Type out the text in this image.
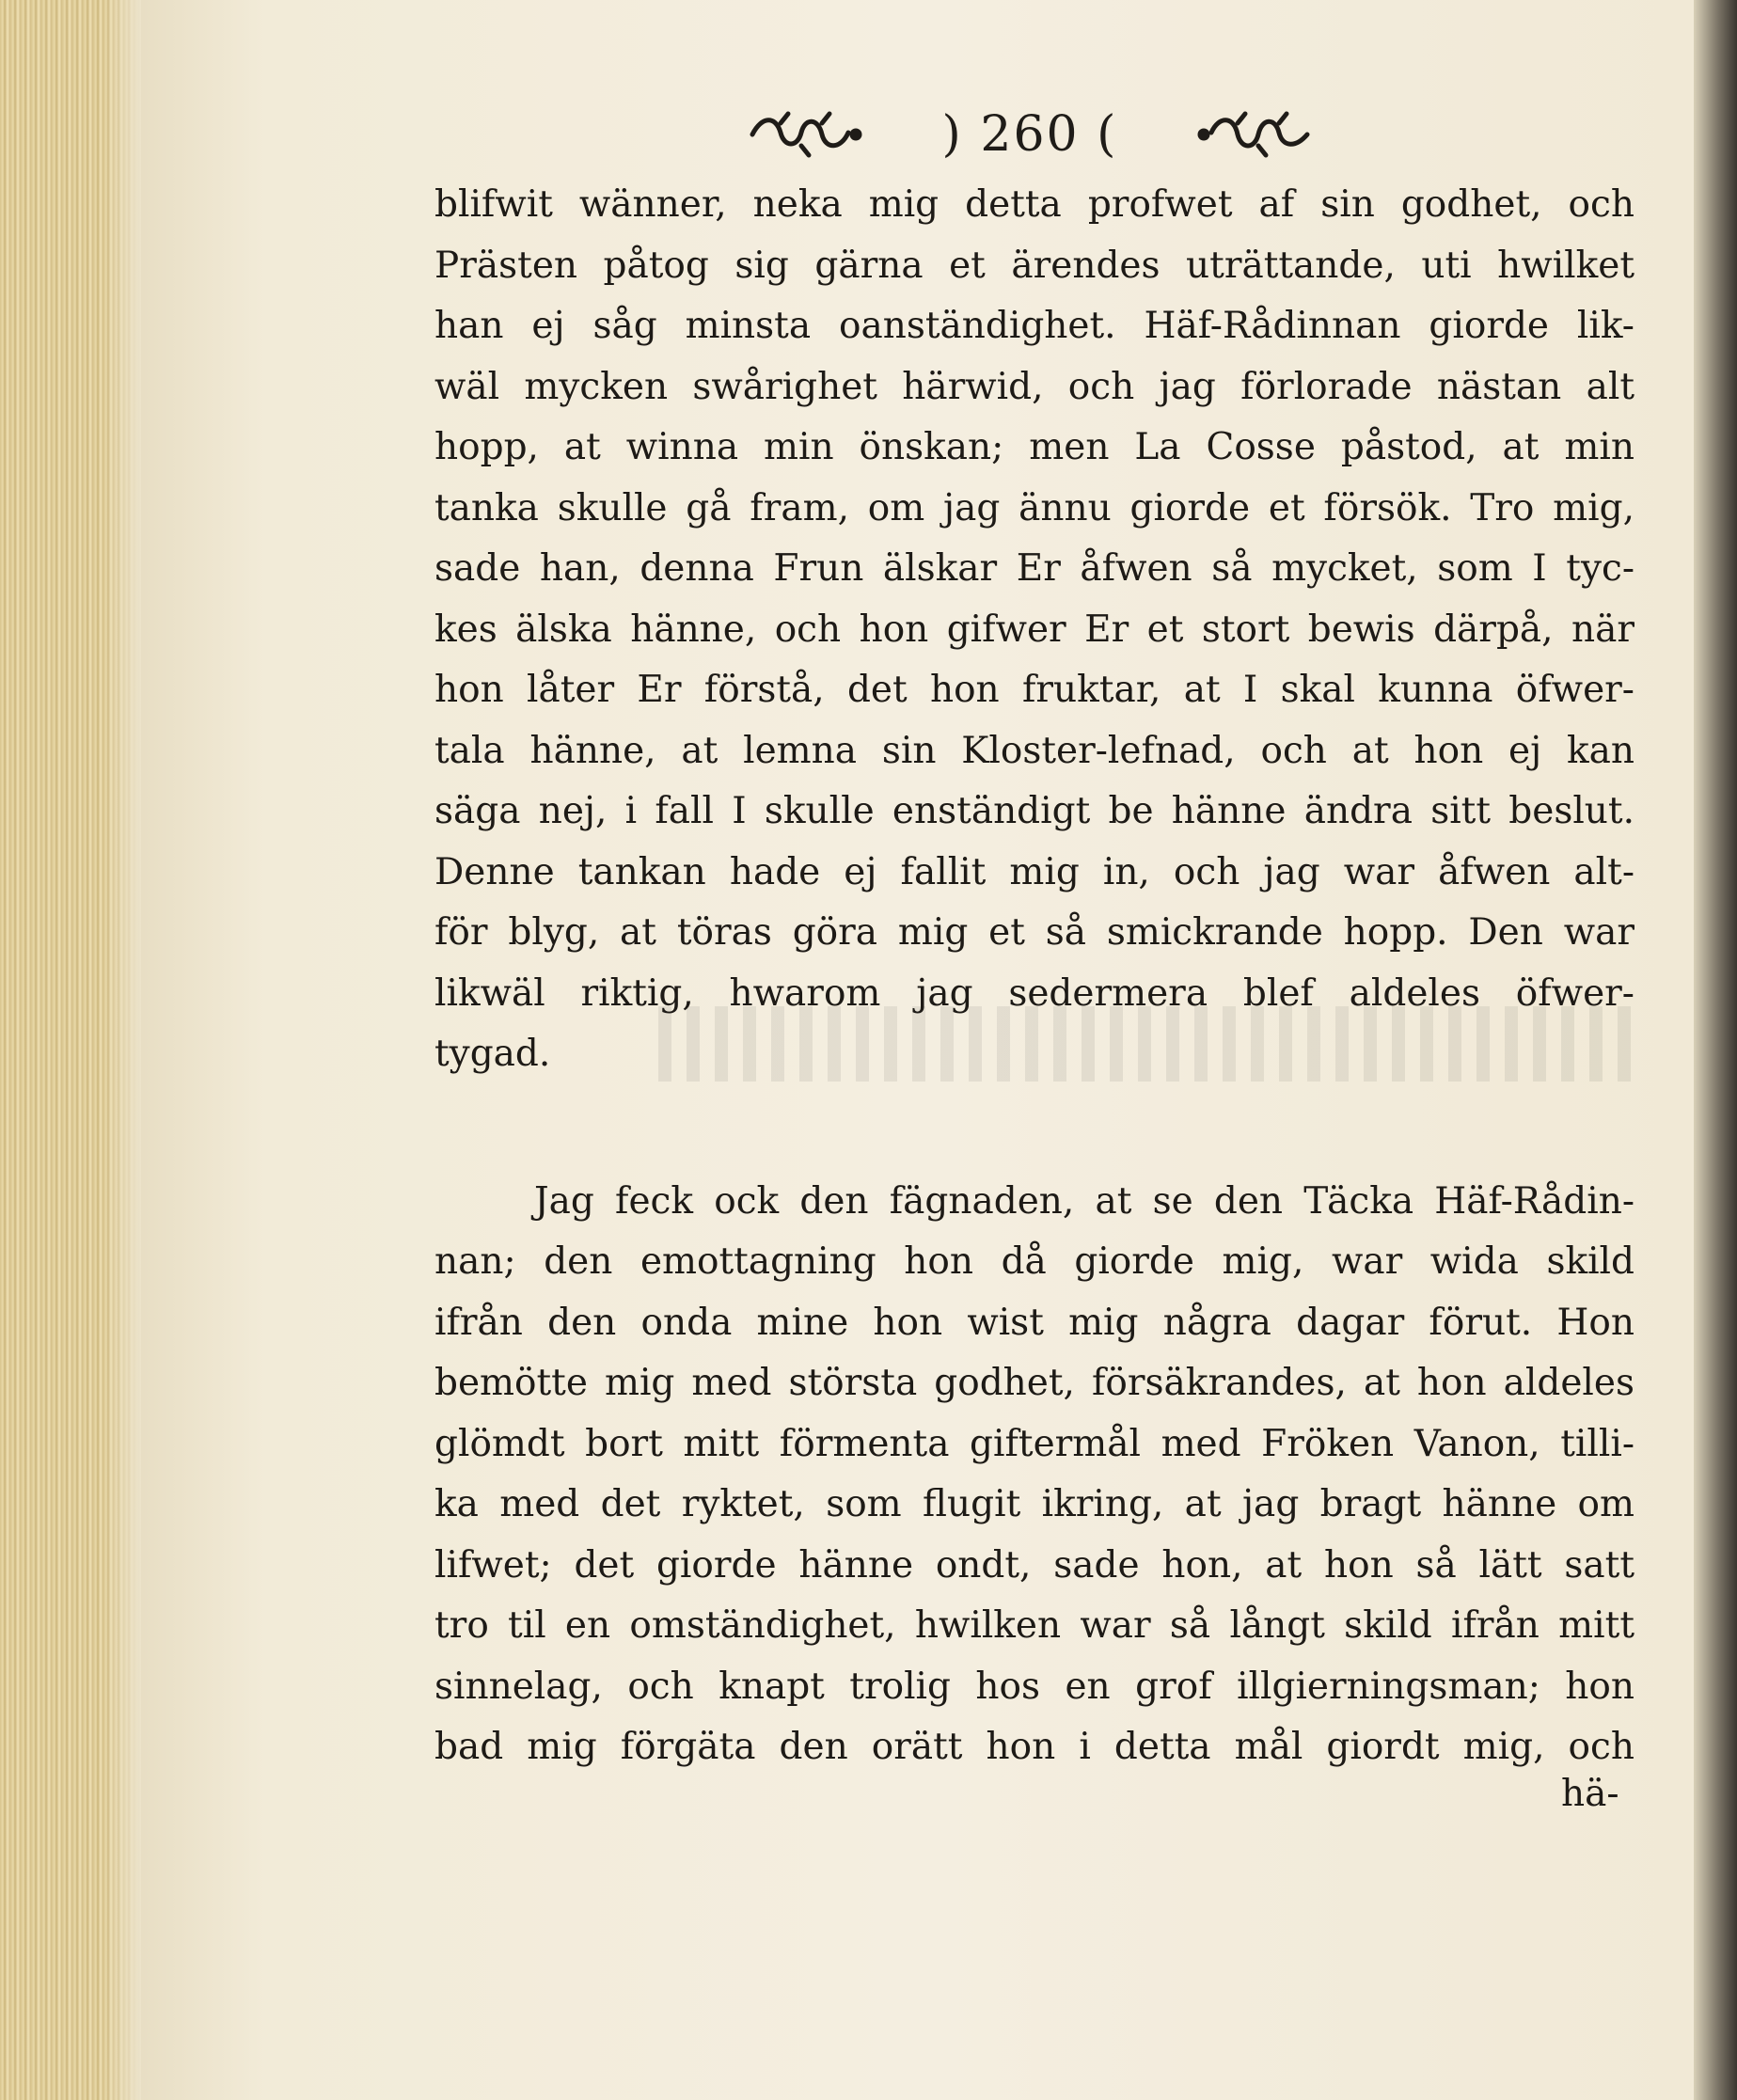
) 260 (
blifwit wänner, neka mig detta profwet af sin godhet, och
Prästen påtog sig gärna et ärendes uträttande, uti hwilket
han ej såg minsta oanständighet. Häf-Rådinnan giorde lik-
wäl mycken swårighet härwid, och jag förlorade nästan alt
hopp, at winna min önskan; men La Cosse påstod, at min
tanka skulle gå fram, om jag ännu giorde et försök. Tro mig,
sade han, denna Frun älskar Er åfwen så mycket, som I tyc-
kes älska hänne, och hon gifwer Er et stort bewis därpå, när
hon låter Er förstå, det hon fruktar, at I skal kunna öfwer-
tala hänne, at lemna sin Kloster-lefnad, och at hon ej kan
säga nej, i fall I skulle enständigt be hänne ändra sitt beslut.
Denne tankan hade ej fallit mig in, och jag war åfwen alt-
för blyg, at töras göra mig et så smickrande hopp. Den war
likwäl riktig, hwarom jag sedermera blef aldeles öfwer-
tygad.
Jag feck ock den fägnaden, at se den Täcka Häf-Rådin-
nan; den emottagning hon då giorde mig, war wida skild
ifrån den onda mine hon wist mig några dagar förut. Hon
bemötte mig med största godhet, försäkrandes, at hon aldeles
glömdt bort mitt förmenta giftermål med Fröken Vanon, tilli-
ka med det ryktet, som flugit ikring, at jag bragt hänne om
lifwet; det giorde hänne ondt, sade hon, at hon så lätt satt
tro til en omständighet, hwilken war så långt skild ifrån mitt
sinnelag, och knapt trolig hos en grof illgierningsman; hon
bad mig förgäta den orätt hon i detta mål giordt mig, och
hä-
